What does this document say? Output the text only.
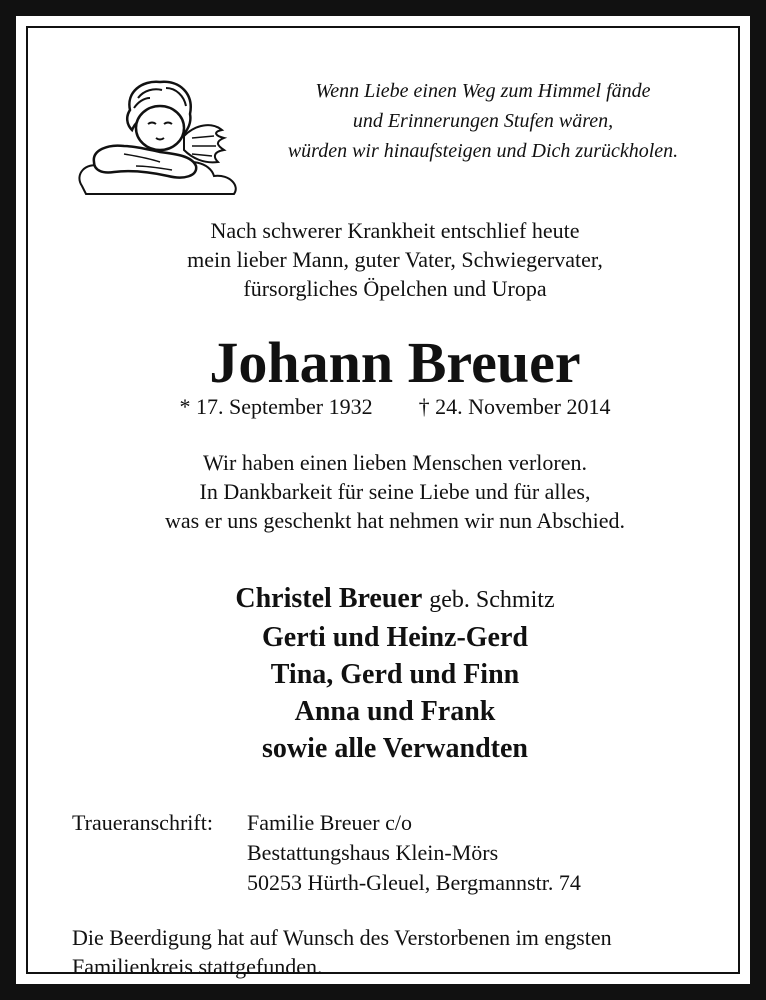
Wenn Liebe einen Weg zum Himmel fände
und Erinnerungen Stufen wären,
würden wir hinaufsteigen und Dich zurückholen.
Nach schwerer Krankheit entschlief heute
mein lieber Mann, guter Vater, Schwiegervater,
fürsorgliches Öpelchen und Uropa
Johann Breuer
* 17. September 1932 † 24. November 2014
Wir haben einen lieben Menschen verloren.
In Dankbarkeit für seine Liebe und für alles,
was er uns geschenkt hat nehmen wir nun Abschied.
Christel Breuer geb. Schmitz
Gerti und Heinz-Gerd
Tina, Gerd und Finn
Anna und Frank
sowie alle Verwandten
Traueranschrift:	Familie Breuer c/o
Bestattungshaus Klein-Mörs
50253 Hürth-Gleuel, Bergmannstr. 74
Die Beerdigung hat auf Wunsch des Verstorbenen im engsten
Familienkreis stattgefunden.
